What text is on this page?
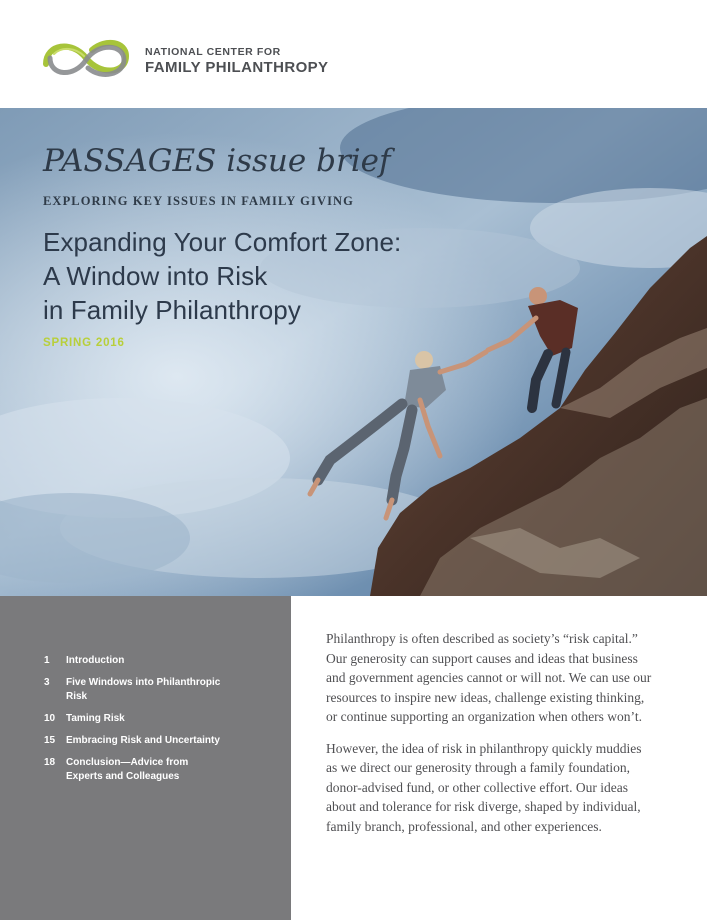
NATIONAL CENTER FOR
FAMILY PHILANTHROPY
PASSAGES issue brief
EXPLORING KEY ISSUES IN FAMILY GIVING
Expanding Your Comfort Zone:
A Window into Risk
in Family Philanthropy
SPRING 2016
1	Introduction
3	Five Windows into Philanthropic Risk
10	Taming Risk
15	Embracing Risk and Uncertainty
18	Conclusion—Advice from Experts and Colleagues

Philanthropy is often described as society’s “risk capital.” Our generosity can support causes and ideas that business and government agencies cannot or will not. We can use our resources to inspire new ideas, challenge existing thinking, or continue supporting an organization when others won’t.

However, the idea of risk in philanthropy quickly muddies as we direct our generosity through a family foundation, donor-advised fund, or other collective effort. Our ideas about and tolerance for risk diverge, shaped by individual, family branch, professional, and other experiences.
